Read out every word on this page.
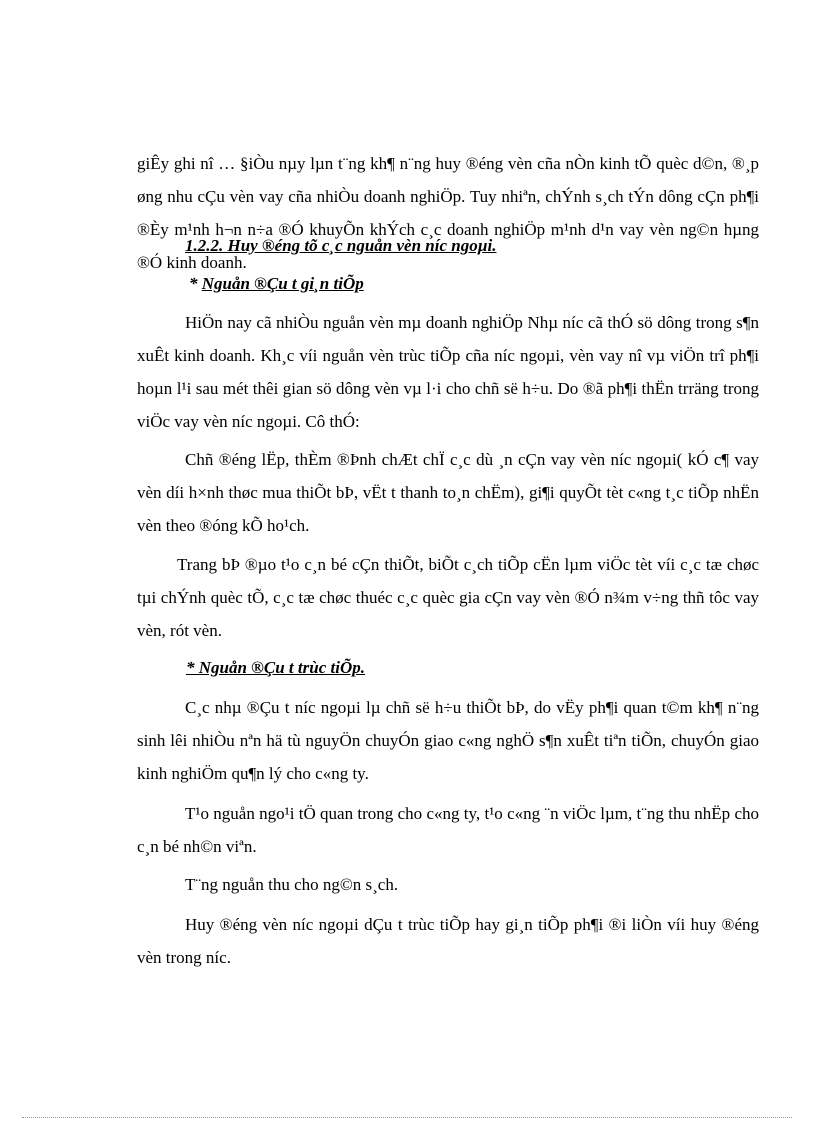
giÊy ghi nî … §iÒu nµy lµn t¨ng kh¶ n¨ng huy ®éng vèn cña nÒn kinh tÕ quèc d©n, ®¸p øng nhu cÇu vèn vay cña nhiÒu doanh nghiÖp. Tuy nhiªn, chÝnh s¸ch tÝn dông cÇn ph¶i ®Èy m¹nh h¬n n÷a ®Ó khuyÕn khÝch c¸c doanh nghiÖp m¹nh d¹n vay vèn ng©n hµng ®Ó kinh doanh.

1.2.2. Huy ®éng tõ c¸c nguån vèn níc ngoµi.

* Nguån ®Çu t gi¸n tiÕp

HiÖn nay cã nhiÒu nguån vèn mµ doanh nghiÖp Nhµ níc cã thÓ sö dông trong s¶n xuÊt kinh doanh. Kh¸c víi nguån vèn trùc tiÕp cña níc ngoµi, vèn vay nî vµ viÖn trî ph¶i hoµn l¹i sau mét thêi gian sö dông vèn vµ l·i cho chñ së h÷u. Do ®ã ph¶i thËn trräng trong viÖc vay vèn níc ngoµi. Cô thÓ:

Chñ ®éng lËp, thÈm ®Þnh chÆt chÏ c¸c dù ¸n cÇn vay vèn níc ngoµi( kÓ c¶ vay vèn díi h×nh thøc mua thiÕt bÞ, vËt t thanh to¸n chËm), gi¶i quyÕt tèt c«ng t¸c tiÕp nhËn vèn theo ®óng kÕ ho¹ch.

Trang bÞ ®µo t¹o c¸n bé cÇn thiÕt, biÕt c¸ch tiÕp cËn lµm viÖc tèt víi c¸c tæ chøc tµi chÝnh quèc tÕ, c¸c tæ chøc thuéc c¸c quèc gia cÇn vay vèn ®Ó n¾m v÷ng thñ tôc vay vèn, rót vèn.

* Nguån ®Çu t trùc tiÕp.

C¸c nhµ ®Çu t níc ngoµi lµ chñ së h÷u thiÕt bÞ, do vËy ph¶i quan t©m kh¶ n¨ng sinh lêi nhiÒu nªn hä tù nguyÖn chuyÓn giao c«ng nghÖ s¶n xuÊt tiªn tiÕn, chuyÓn giao kinh nghiÖm qu¶n lý cho c«ng ty.

T¹o nguån ngo¹i tÖ quan trong cho c«ng ty, t¹o c«ng ¨n viÖc lµm, t¨ng thu nhËp cho c¸n bé nh©n viªn.

T¨ng nguån thu cho ng©n s¸ch.

Huy ®éng vèn níc ngoµi dÇu t trùc tiÕp hay gi¸n tiÕp ph¶i ®i liÒn víi huy ®éng vèn trong níc.
